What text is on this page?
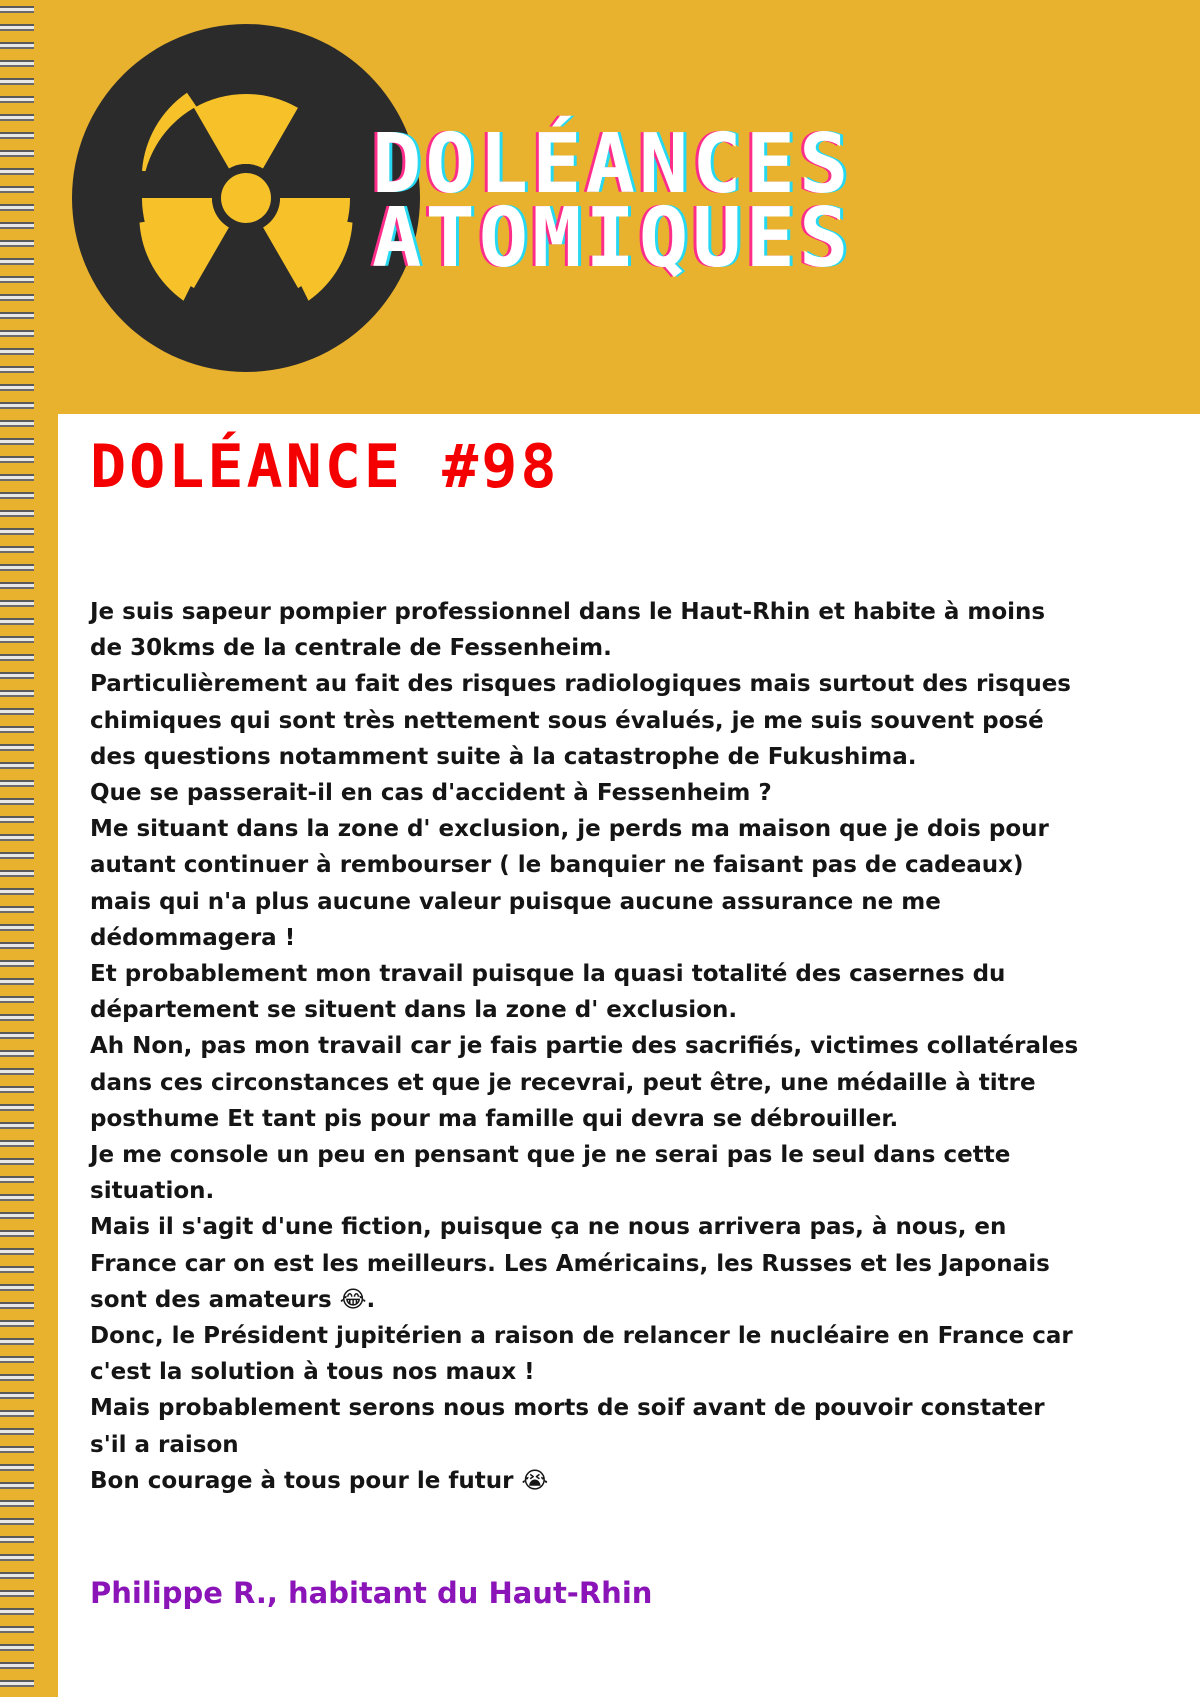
DOLÉANCES
ATOMIQUES
DOLÉANCE #98
Je suis sapeur pompier professionnel dans le Haut-Rhin et habite à moins
de 30kms de la centrale de Fessenheim.
Particulièrement au fait des risques radiologiques mais surtout des risques
chimiques qui sont très nettement sous évalués, je me suis souvent posé
des questions notamment suite à la catastrophe de Fukushima.
Que se passerait-il en cas d'accident à Fessenheim ?
Me situant dans la zone d' exclusion, je perds ma maison que je dois pour
autant continuer à rembourser ( le banquier ne faisant pas de cadeaux)
mais qui n'a plus aucune valeur puisque aucune assurance ne me
dédommagera !
Et probablement mon travail puisque la quasi totalité des casernes du
département se situent dans la zone d' exclusion.
Ah Non, pas mon travail car je fais partie des sacrifiés, victimes collatérales
dans ces circonstances et que je recevrai, peut être, une médaille à titre
posthume Et tant pis pour ma famille qui devra se débrouiller.
Je me console un peu en pensant que je ne serai pas le seul dans cette
situation.
Mais il s'agit d'une fiction, puisque ça ne nous arrivera pas, à nous, en
France car on est les meilleurs. Les Américains, les Russes et les Japonais
sont des amateurs 😂.
Donc, le Président jupitérien a raison de relancer le nucléaire en France car
c'est la solution à tous nos maux !
Mais probablement serons nous morts de soif avant de pouvoir constater
s'il a raison
Bon courage à tous pour le futur 😭

Philippe R., habitant du Haut-Rhin
